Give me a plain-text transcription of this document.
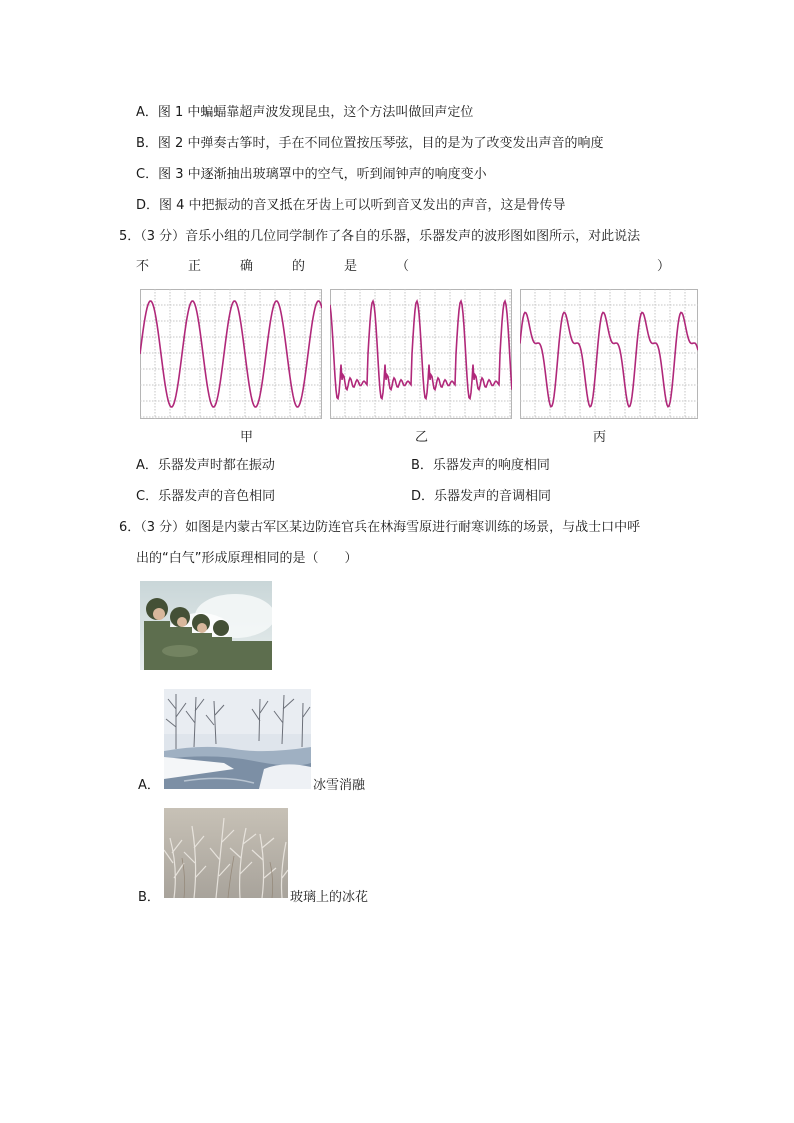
A．图 1 中蝙蝠靠超声波发现昆虫，这个方法叫做回声定位
B．图 2 中弹奏古筝时，手在不同位置按压琴弦，目的是为了改变发出声音的响度
C．图 3 中逐渐抽出玻璃罩中的空气，听到闹钟声的响度变小
D．图 4 中把振动的音叉抵在牙齿上可以听到音叉发出的声音，这是骨传导
5．（3 分）音乐小组的几位同学制作了各自的乐器，乐器发声的波形图如图所示，对此说法
不	正	确	的	是	（	）
甲	乙	丙
A．乐器发声时都在振动	B．乐器发声的响度相同
C．乐器发声的音色相同	D．乐器发声的音调相同
6．（3 分）如图是内蒙古军区某边防连官兵在林海雪原进行耐寒训练的场景，与战士口中呼
出的“白气”形成原理相同的是（　　）
A．	冰雪消融
B．	玻璃上的冰花
